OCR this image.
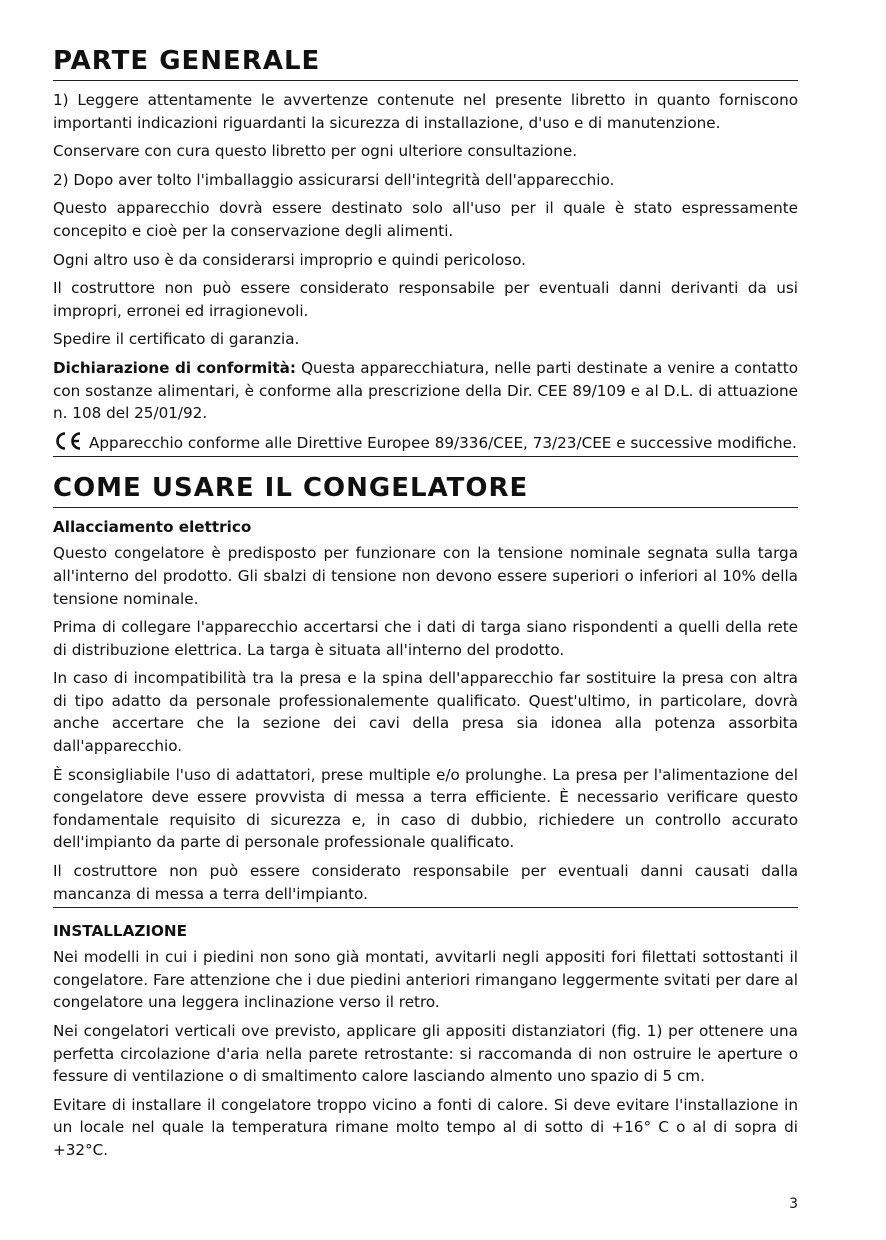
PARTE GENERALE

1) Leggere attentamente le avvertenze contenute nel presente libretto in quanto forniscono importanti indicazioni riguardanti la sicurezza di installazione, d'uso e di manutenzione.

Conservare con cura questo libretto per ogni ulteriore consultazione.

2) Dopo aver tolto l'imballaggio assicurarsi dell'integrità dell'apparecchio.

Questo apparecchio dovrà essere destinato solo all'uso per il quale è stato espressamente concepito e cioè per la conservazione degli alimenti.

Ogni altro uso è da considerarsi improprio e quindi pericoloso.

Il costruttore non può essere considerato responsabile per eventuali danni derivanti da usi impropri, erronei ed irragionevoli.

Spedire il certificato di garanzia.

Dichiarazione di conformità: Questa apparecchiatura, nelle parti destinate a venire a contatto con sostanze alimentari, è conforme alla prescrizione della Dir. CEE 89/109 e al D.L. di attuazione n. 108 del 25/01/92.

Apparecchio conforme alle Direttive Europee 89/336/CEE, 73/23/CEE e successive modifiche.

COME USARE IL CONGELATORE
Allacciamento elettrico

Questo congelatore è predisposto per funzionare con la tensione nominale segnata sulla targa all'interno del prodotto. Gli sbalzi di tensione non devono essere superiori o inferiori al 10% della tensione nominale.

Prima di collegare l'apparecchio accertarsi che i dati di targa siano rispondenti a quelli della rete di distribuzione elettrica. La targa è situata all'interno del prodotto.

In caso di incompatibilità tra la presa e la spina dell'apparecchio far sostituire la presa con altra di tipo adatto da personale professionalemente qualificato. Quest'ultimo, in particolare, dovrà anche accertare che la sezione dei cavi della presa sia idonea alla potenza assorbita dall'apparecchio.

È sconsigliabile l'uso di adattatori, prese multiple e/o prolunghe. La presa per l'alimentazione del congelatore deve essere provvista di messa a terra efficiente. È necessario verificare questo fondamentale requisito di sicurezza e, in caso di dubbio, richiedere un controllo accurato dell'impianto da parte di personale professionale qualificato.

Il costruttore non può essere considerato responsabile per eventuali danni causati dalla mancanza di messa a terra dell'impianto.

INSTALLAZIONE

Nei modelli in cui i piedini non sono già montati, avvitarli negli appositi fori filettati sottostanti il congelatore. Fare attenzione che i due piedini anteriori rimangano leggermente svitati per dare al congelatore una leggera inclinazione verso il retro.

Nei congelatori verticali ove previsto, applicare gli appositi distanziatori (fig. 1) per ottenere una perfetta circolazione d'aria nella parete retrostante: si raccomanda di non ostruire le aperture o fessure di ventilazione o di smaltimento calore lasciando almento uno spazio di 5 cm.

Evitare di installare il congelatore troppo vicino a fonti di calore. Si deve evitare l'installazione in un locale nel quale la temperatura rimane molto tempo al di sotto di +16° C o al di sopra di +32°C.

3
